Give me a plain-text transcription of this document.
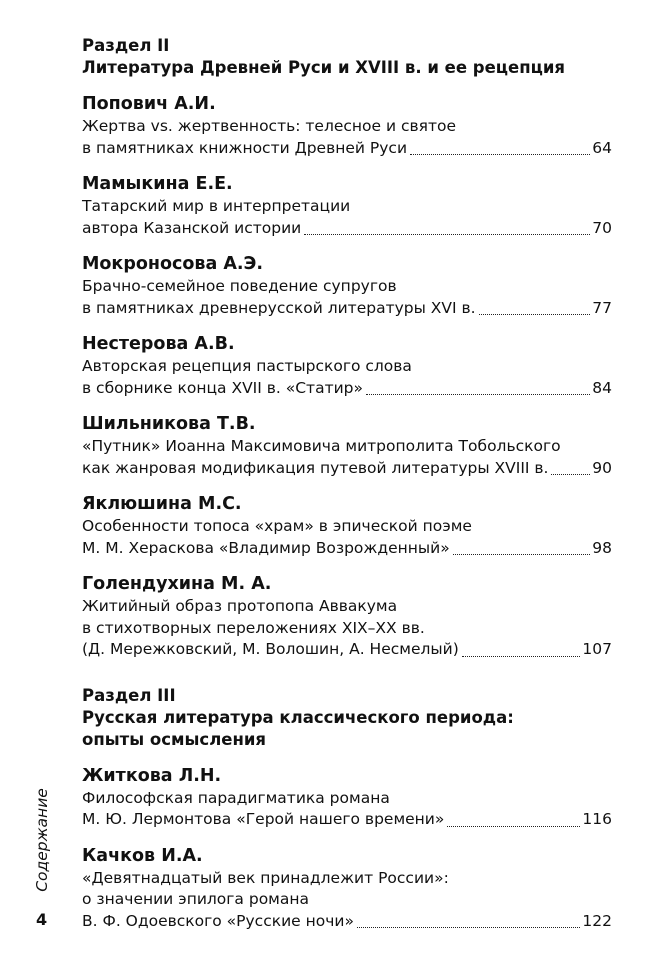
Раздел II
Литература Древней Руси и XVIII в. и ее рецепция
Попович А.И.
Жертва vs. жертвенность: телесное и святое
в памятниках книжности Древней Руси	64
Мамыкина Е.Е.
Татарский мир в интерпретации
автора Казанской истории	70
Мокроносова А.Э.
Брачно-семейное поведение супругов
в памятниках древнерусской литературы XVI в.	77
Нестерова А.В.
Авторская рецепция пастырского слова
в сборнике конца XVII в. «Статир»	84
Шильникова Т.В.
«Путник» Иоанна Максимовича митрополита Тобольского
как жанровая модификация путевой литературы XVIII в.	90
Яклюшина М.С.
Особенности топоса «храм» в эпической поэме
М. М. Хераскова «Владимир Возрожденный»	98
Голендухина М. А.
Житийный образ протопопа Аввакума
в стихотворных переложениях XIX–XX вв.
(Д. Мережковский, М. Волошин, А. Несмелый)	107
Раздел III
Русская литература классического периода:
опыты осмысления
Житкова Л.Н.
Философская парадигматика романа
М. Ю. Лермонтова «Герой нашего времени»	116
Качков И.А.
«Девятнадцатый век принадлежит России»:
о значении эпилога романа
В. Ф. Одоевского «Русские ночи»	122
Содержание
4
